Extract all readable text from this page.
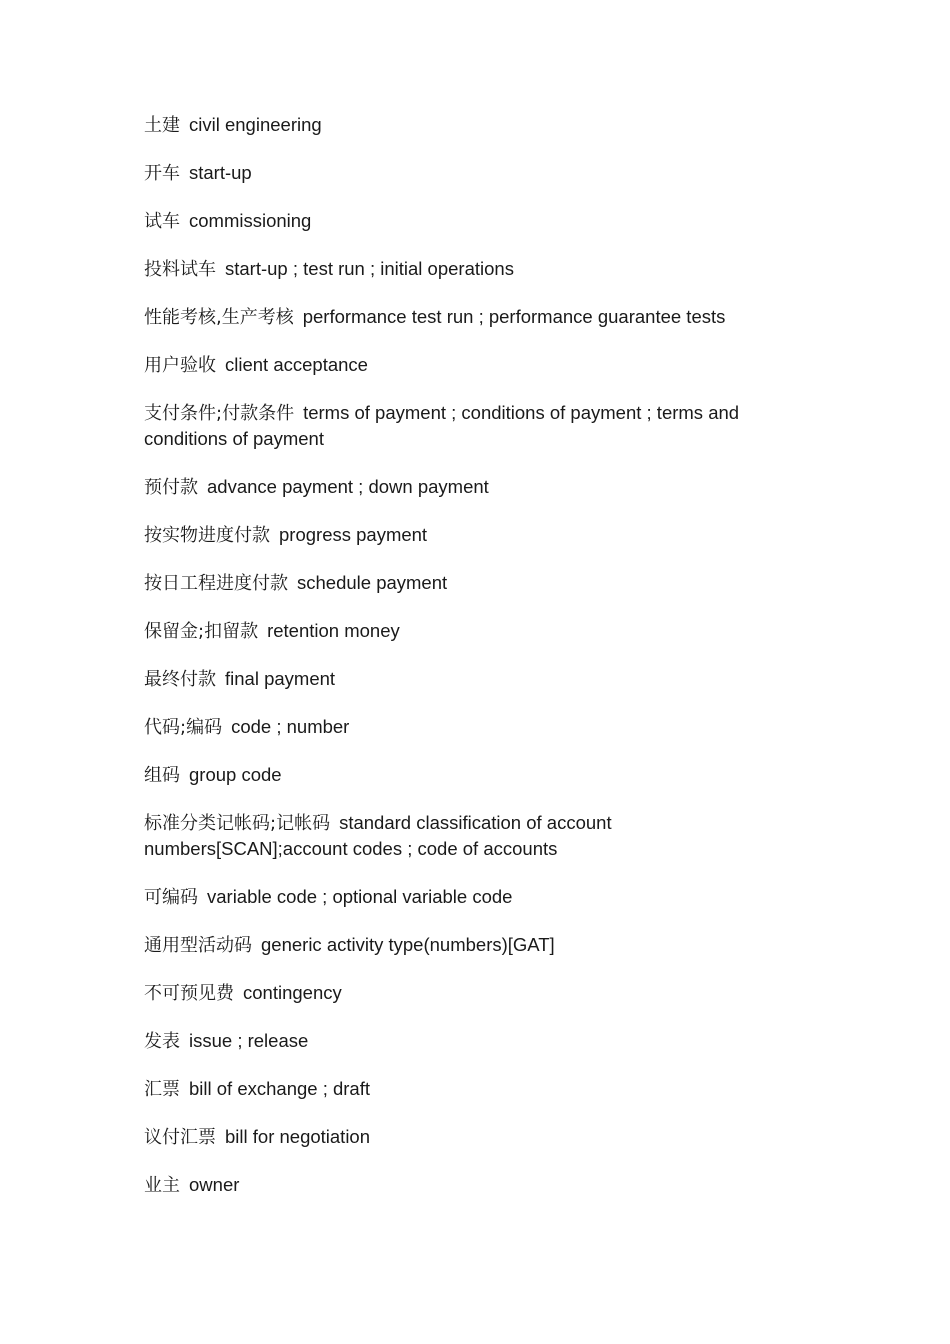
土建 civil engineering
开车 start-up
试车 commissioning
投料试车 start-up ; test run ; initial operations
性能考核,生产考核 performance test run ; performance guarantee tests
用户验收 client acceptance
支付条件;付款条件 terms of payment ; conditions of payment ; terms and conditions of payment
预付款 advance payment ; down payment
按实物进度付款 progress payment
按日工程进度付款 schedule payment
保留金;扣留款 retention money
最终付款 final payment
代码;编码 code ; number
组码 group code
标准分类记帐码;记帐码 standard classification of account numbers[SCAN];account codes ; code of accounts
可编码 variable code ; optional variable code
通用型活动码 generic activity type(numbers)[GAT]
不可预见费 contingency
发表 issue ; release
汇票 bill of exchange ; draft
议付汇票 bill for negotiation
业主 owner
